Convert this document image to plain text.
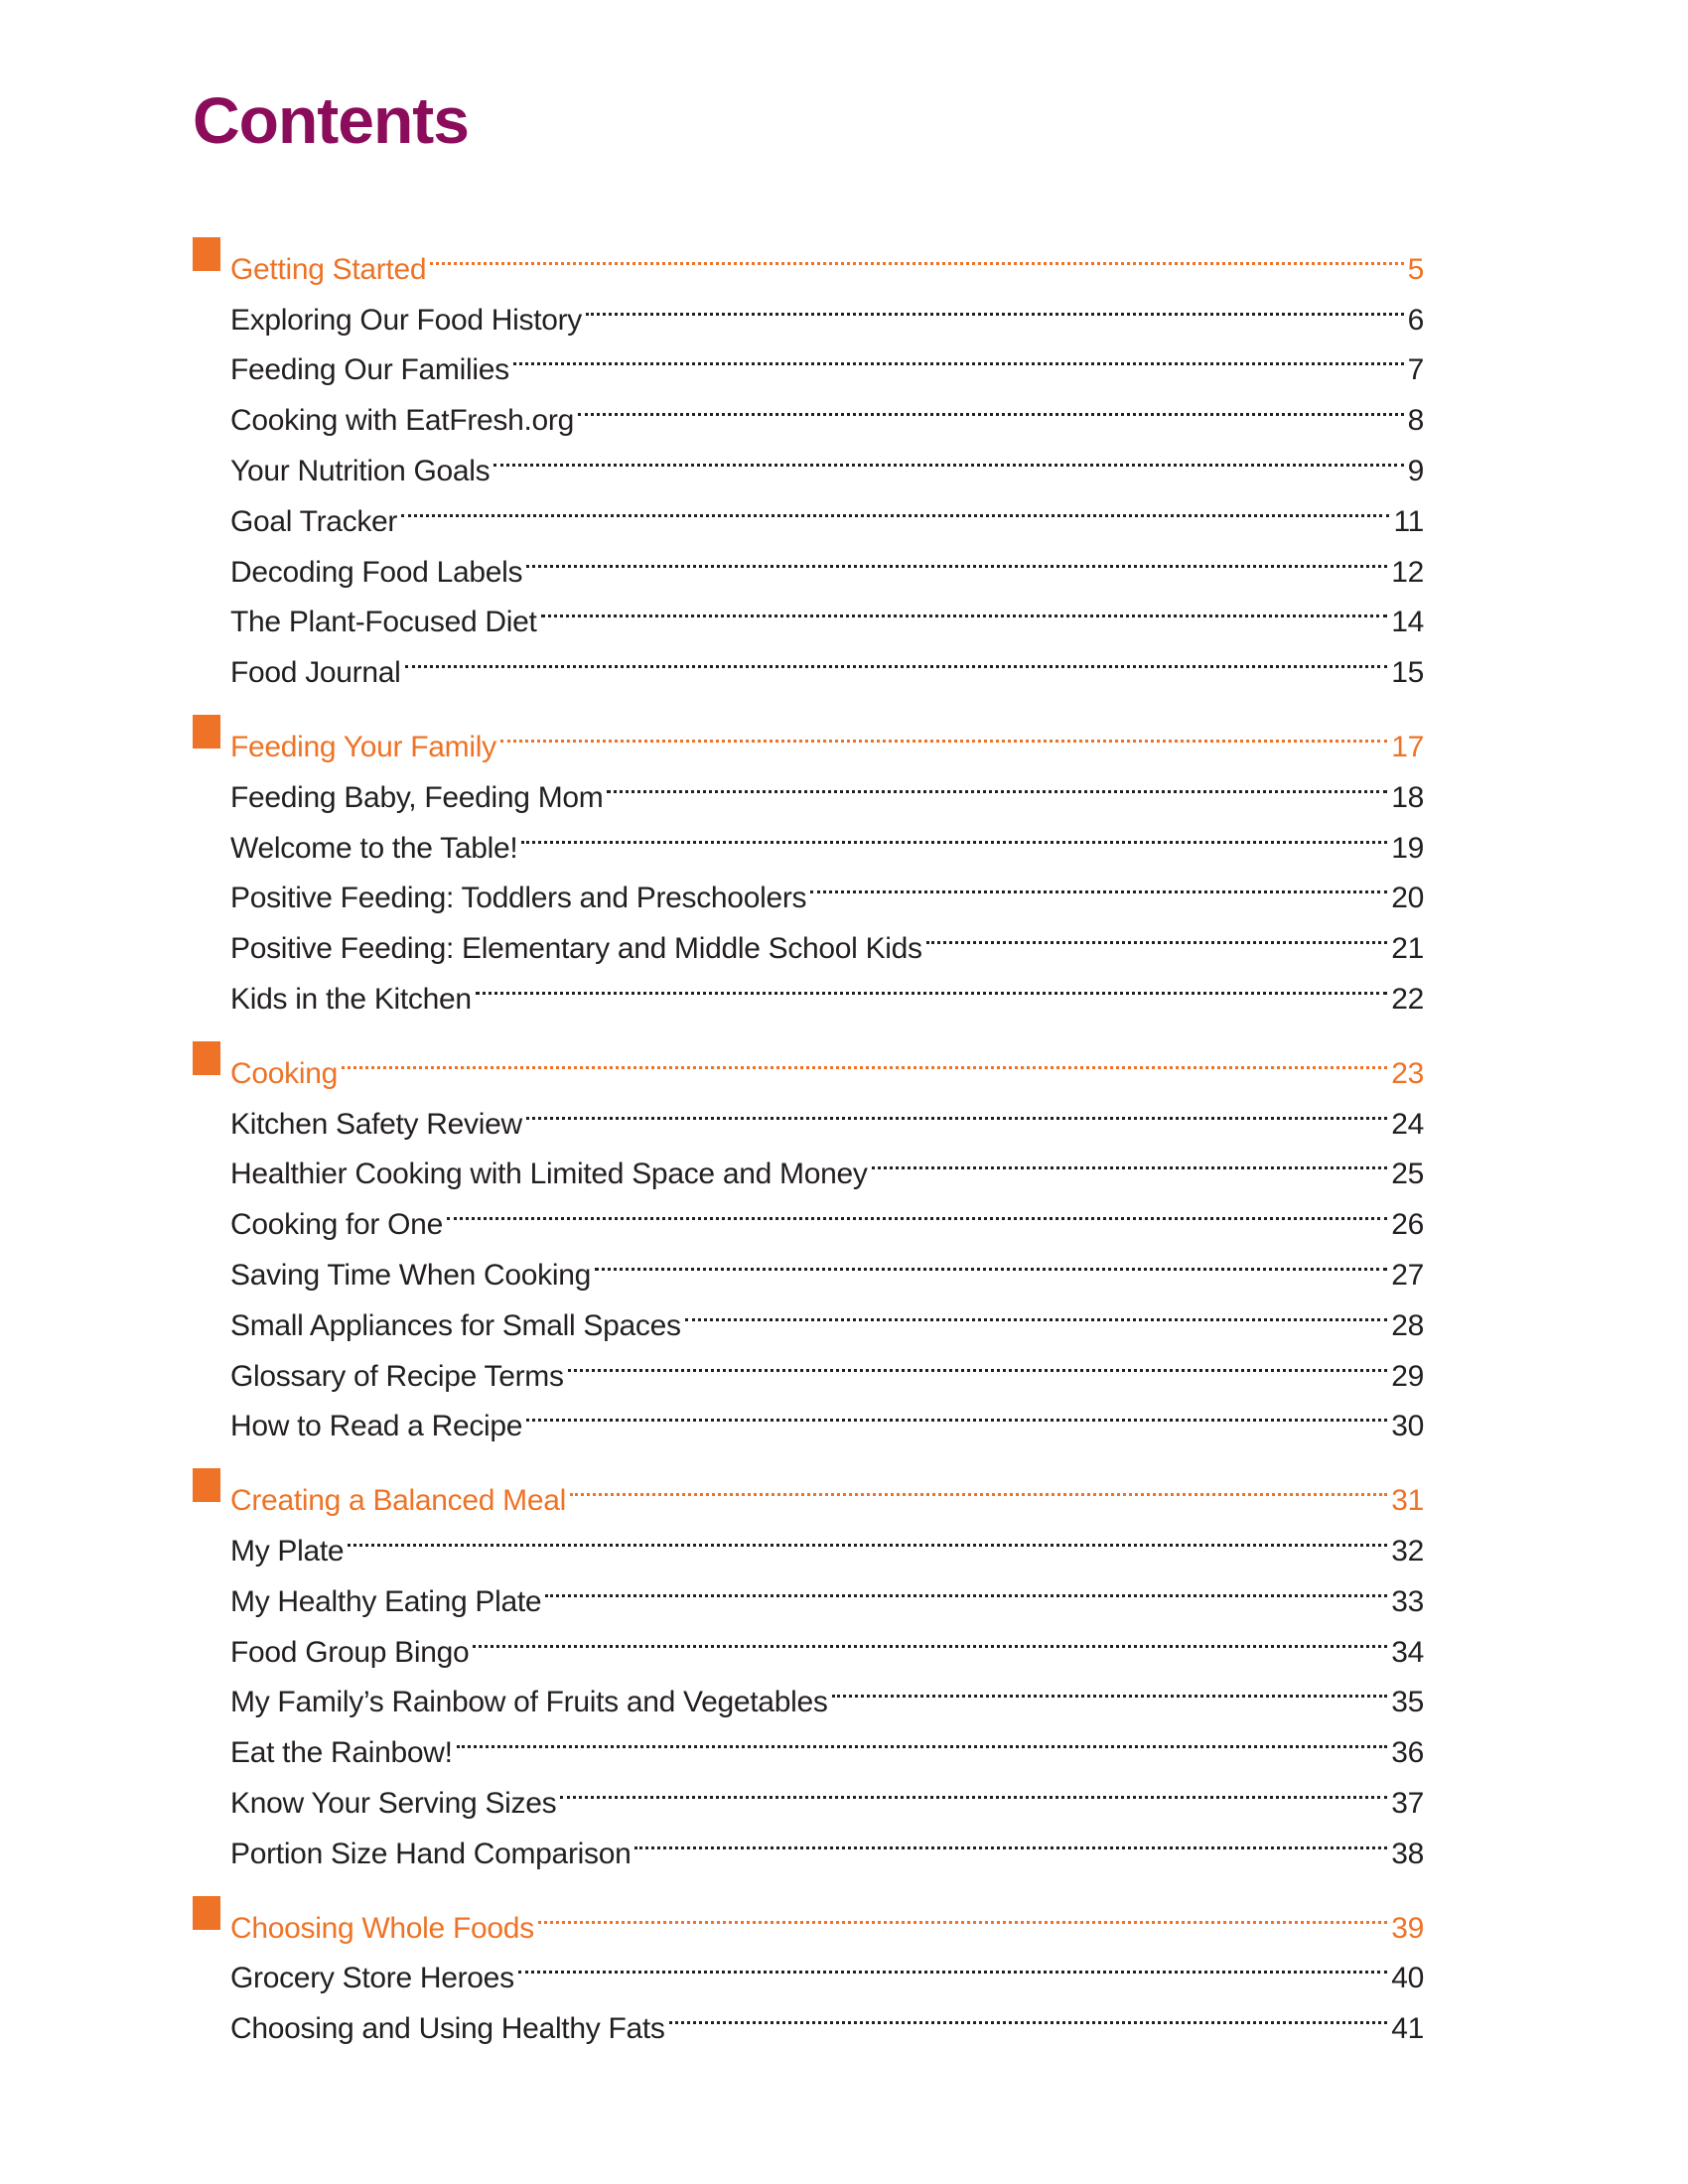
Contents
Getting Started	5
Exploring Our Food History	6
Feeding Our Families	7
Cooking with EatFresh.org	8
Your Nutrition Goals	9
Goal Tracker	11
Decoding Food Labels	12
The Plant-Focused Diet	14
Food Journal	15
Feeding Your Family	17
Feeding Baby, Feeding Mom	18
Welcome to the Table!	19
Positive Feeding: Toddlers and Preschoolers	20
Positive Feeding: Elementary and Middle School Kids	21
Kids in the Kitchen	22
Cooking	23
Kitchen Safety Review	24
Healthier Cooking with Limited Space and Money	25
Cooking for One	26
Saving Time When Cooking	27
Small Appliances for Small Spaces	28
Glossary of Recipe Terms	29
How to Read a Recipe	30
Creating a Balanced Meal	31
My Plate	32
My Healthy Eating Plate	33
Food Group Bingo	34
My Family’s Rainbow of Fruits and Vegetables	35
Eat the Rainbow!	36
Know Your Serving Sizes	37
Portion Size Hand Comparison	38
Choosing Whole Foods	39
Grocery Store Heroes	40
Choosing and Using Healthy Fats	41
